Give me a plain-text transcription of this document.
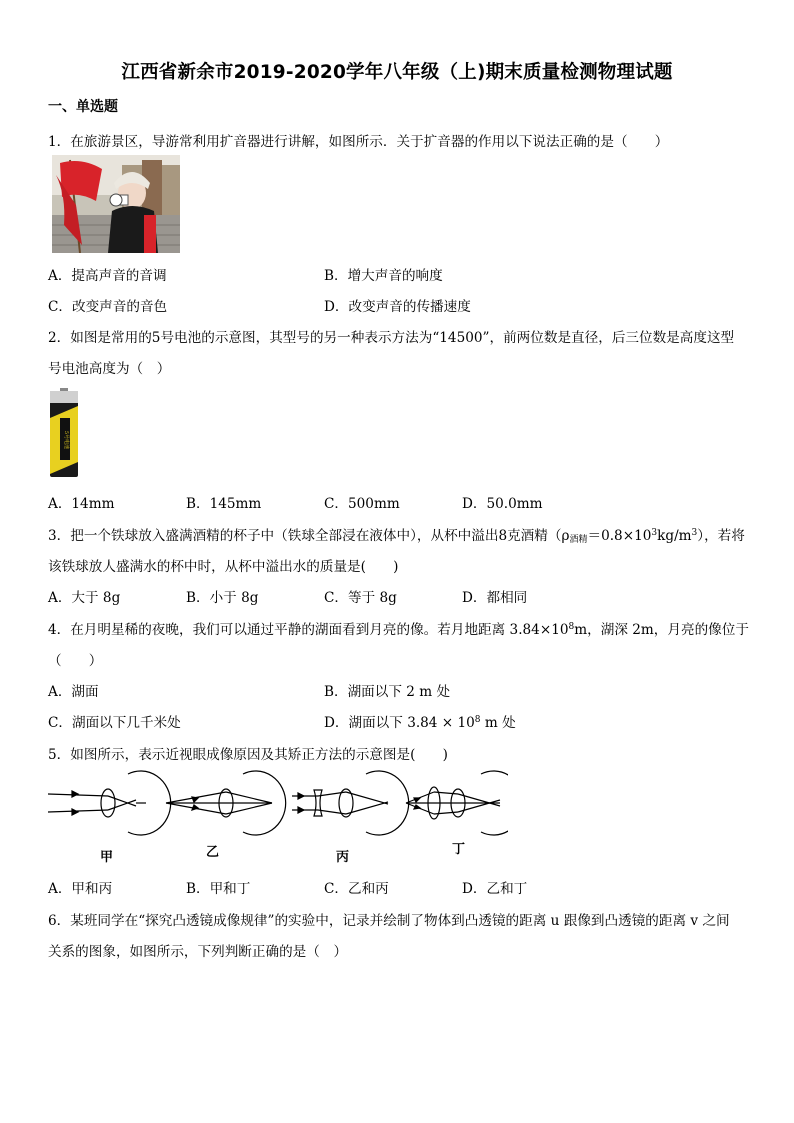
江西省新余市2019-2020学年八年级（上)期末质量检测物理试题
一、单选题
1．在旅游景区，导游常利用扩音器进行讲解，如图所示．关于扩音器的作用以下说法正确的是（　　）
A．提高声音的音调	B．增大声音的响度
C．改变声音的音色	D．改变声音的传播速度
2．如图是常用的5号电池的示意图，其型号的另一种表示方法为“14500”，前两位数是直径，后三位数是高度这型
号电池高度为（　）
5号电池
A．14mm	B．145mm	C．500mm	D．50.0mm
3．把一个铁球放入盛满酒精的杯子中（铁球全部浸在液体中），从杯中溢出8克酒精$(\rho_{酒精}=0.8\times 10^3kg/m^3)$，若将
该铁球放人盛满水的杯中时，从杯中溢出水的质量是(　　)
A．大于 8g	B．小于 8g	C．等于 8g	D．都相同
4．在月明星稀的夜晚，我们可以通过平静的湖面看到月亮的像。若月地距离 $3.84\times 10^8m$，湖深 2m，月亮的像位于
（　　）
A．湖面	B．湖面以下 2 m 处
C．湖面以下几千米处	D．湖面以下 $3.84 \times 10^8$ m 处
5．如图所示，表示近视眼成像原因及其矫正方法的示意图是(　　)
甲	乙	丙
丁
A．甲和丙	B．甲和丁	C．乙和丙	D．乙和丁
6．某班同学在“探究凸透镜成像规律”的实验中，记录并绘制了物体到凸透镜的距离 u 跟像到凸透镜的距离 v 之间
关系的图象，如图所示，下列判断正确的是（　）
